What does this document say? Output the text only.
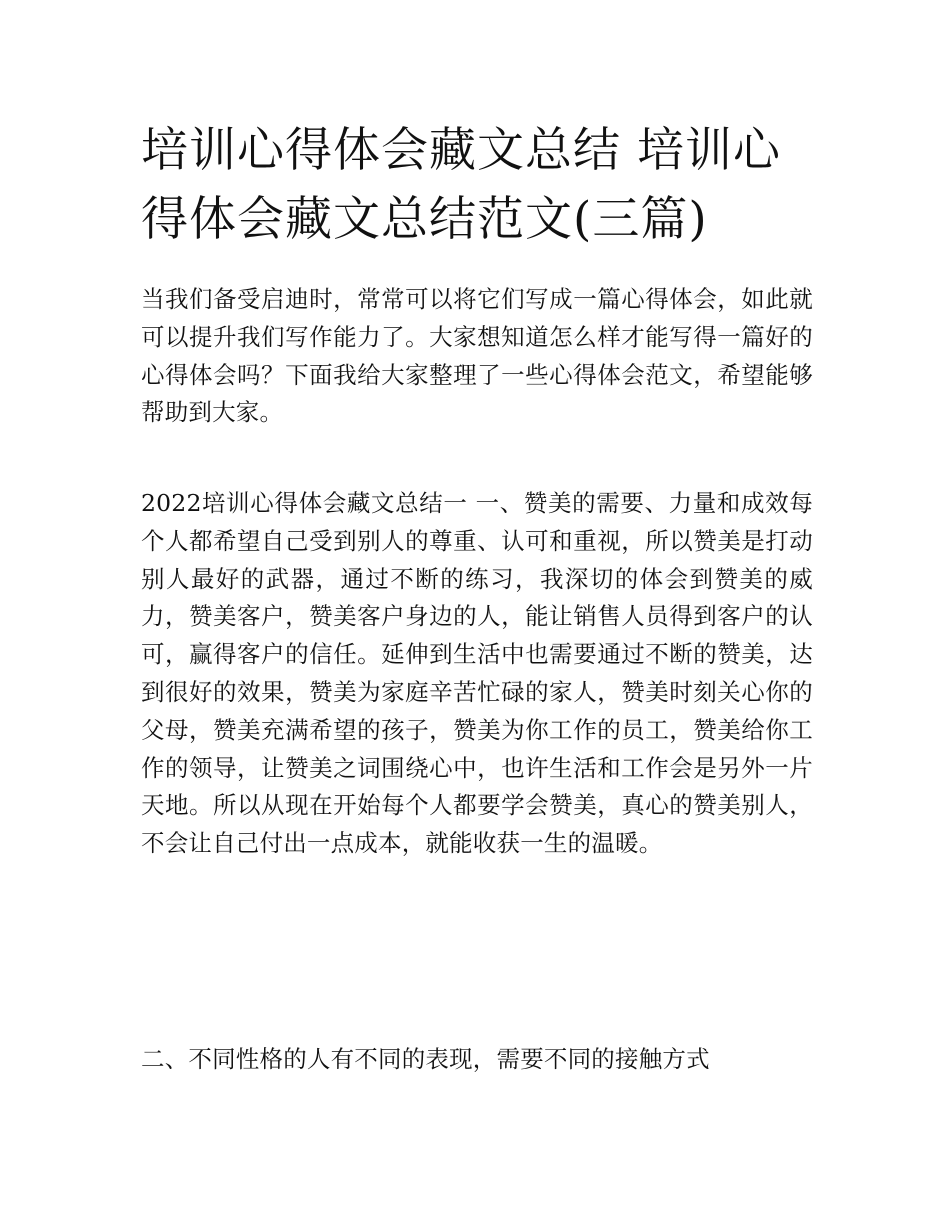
培训心得体会藏文总结 培训心得体会藏文总结范文(三篇)

当我们备受启迪时，常常可以将它们写成一篇心得体会，如此就可以提升我们写作能力了。大家想知道怎么样才能写得一篇好的心得体会吗？下面我给大家整理了一些心得体会范文，希望能够帮助到大家。

2022培训心得体会藏文总结一 一、赞美的需要、力量和成效每个人都希望自己受到别人的尊重、认可和重视，所以赞美是打动别人最好的武器，通过不断的练习，我深切的体会到赞美的威力，赞美客户，赞美客户身边的人，能让销售人员得到客户的认可，赢得客户的信任。延伸到生活中也需要通过不断的赞美，达到很好的效果，赞美为家庭辛苦忙碌的家人，赞美时刻关心你的父母，赞美充满希望的孩子，赞美为你工作的员工，赞美给你工作的领导，让赞美之词围绕心中，也许生活和工作会是另外一片天地。所以从现在开始每个人都要学会赞美，真心的赞美别人，不会让自己付出一点成本，就能收获一生的温暖。

二、不同性格的人有不同的表现，需要不同的接触方式
